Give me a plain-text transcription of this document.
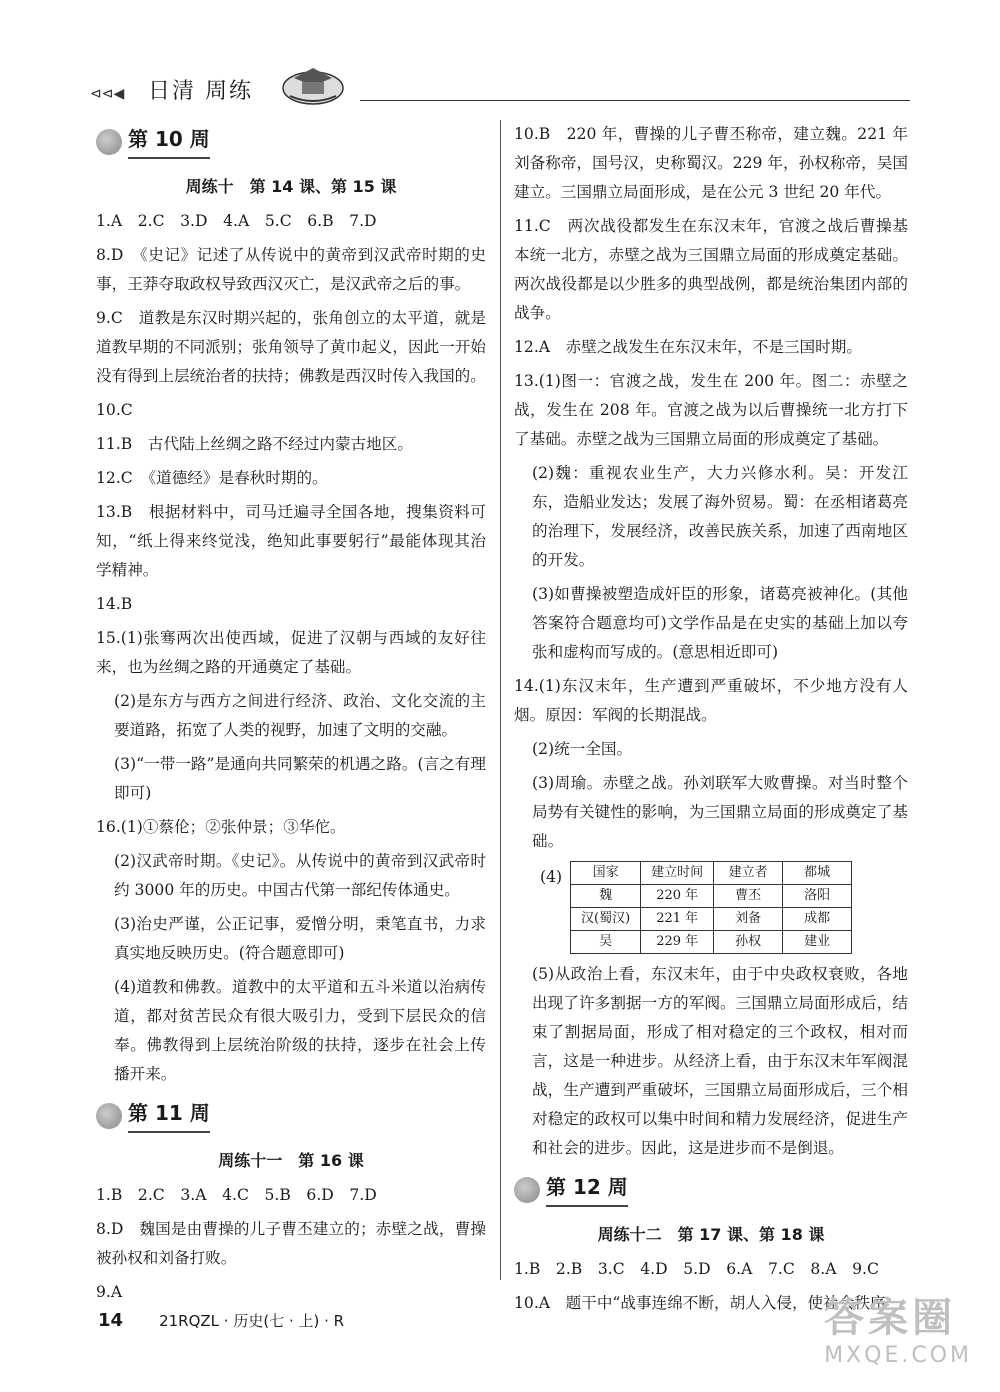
⊲⊲◀ 日清 周练
第 10 周
周练十　第 14 课、第 15 课
1.A　2.C　3.D　4.A　5.C　6.B　7.D
8.D　《史记》记述了从传说中的黄帝到汉武帝时期的史事，王莽夺取政权导致西汉灭亡，是汉武帝之后的事。
9.C　道教是东汉时期兴起的，张角创立的太平道，就是道教早期的不同派别；张角领导了黄巾起义，因此一开始没有得到上层统治者的扶持；佛教是西汉时传入我国的。
10.C
11.B　古代陆上丝绸之路不经过内蒙古地区。
12.C　《道德经》是春秋时期的。
13.B　根据材料中，司马迁遍寻全国各地，搜集资料可知，“纸上得来终觉浅，绝知此事要躬行”最能体现其治学精神。
14.B
15.(1)张骞两次出使西域，促进了汉朝与西域的友好往来，也为丝绸之路的开通奠定了基础。
(2)是东方与西方之间进行经济、政治、文化交流的主要道路，拓宽了人类的视野，加速了文明的交融。
(3)“一带一路”是通向共同繁荣的机遇之路。(言之有理即可)
16.(1)①蔡伦；②张仲景；③华佗。
(2)汉武帝时期。《史记》。从传说中的黄帝到汉武帝时约 3000 年的历史。中国古代第一部纪传体通史。
(3)治史严谨，公正记事，爱憎分明，秉笔直书，力求真实地反映历史。(符合题意即可)
(4)道教和佛教。道教中的太平道和五斗米道以治病传道，都对贫苦民众有很大吸引力，受到下层民众的信奉。佛教得到上层统治阶级的扶持，逐步在社会上传播开来。
第 11 周
周练十一　第 16 课
1.B　2.C　3.A　4.C　5.B　6.D　7.D
8.D　魏国是由曹操的儿子曹丕建立的；赤壁之战，曹操被孙权和刘备打败。
9.A
10.B　220 年，曹操的儿子曹丕称帝，建立魏。221 年刘备称帝，国号汉，史称蜀汉。229 年，孙权称帝，吴国建立。三国鼎立局面形成，是在公元 3 世纪 20 年代。
11.C　两次战役都发生在东汉末年，官渡之战后曹操基本统一北方，赤壁之战为三国鼎立局面的形成奠定基础。两次战役都是以少胜多的典型战例，都是统治集团内部的战争。
12.A　赤壁之战发生在东汉末年，不是三国时期。
13.(1)图一：官渡之战，发生在 200 年。图二：赤壁之战，发生在 208 年。官渡之战为以后曹操统一北方打下了基础。赤壁之战为三国鼎立局面的形成奠定了基础。
(2)魏：重视农业生产，大力兴修水利。吴：开发江东，造船业发达；发展了海外贸易。蜀：在丞相诸葛亮的治理下，发展经济，改善民族关系，加速了西南地区的开发。
(3)如曹操被塑造成奸臣的形象，诸葛亮被神化。(其他答案符合题意均可)文学作品是在史实的基础上加以夸张和虚构而写成的。(意思相近即可)
14.(1)东汉末年，生产遭到严重破坏，不少地方没有人烟。原因：军阀的长期混战。
(2)统一全国。
(3)周瑜。赤壁之战。孙刘联军大败曹操。对当时整个局势有关键性的影响，为三国鼎立局面的形成奠定了基础。
(4) 国家	建立时间	建立者	都城
魏	220 年	曹丕	洛阳
汉(蜀汉)	221 年	刘备	成都
吴	229 年	孙权	建业
(5)从政治上看，东汉末年，由于中央政权衰败，各地出现了许多割据一方的军阀。三国鼎立局面形成后，结束了割据局面，形成了相对稳定的三个政权，相对而言，这是一种进步。从经济上看，由于东汉末年军阀混战，生产遭到严重破坏，三国鼎立局面形成后，三个相对稳定的政权可以集中时间和精力发展经济，促进生产和社会的进步。因此，这是进步而不是倒退。
第 12 周
周练十二　第 17 课、第 18 课
1.B　2.B　3.C　4.D　5.D　6.A　7.C　8.A　9.C
10.A　题干中“战事连绵不断，胡人入侵，使社会秩序
14 21RQZL · 历史(七 · 上) · R	答案圈
MXQE.COM
